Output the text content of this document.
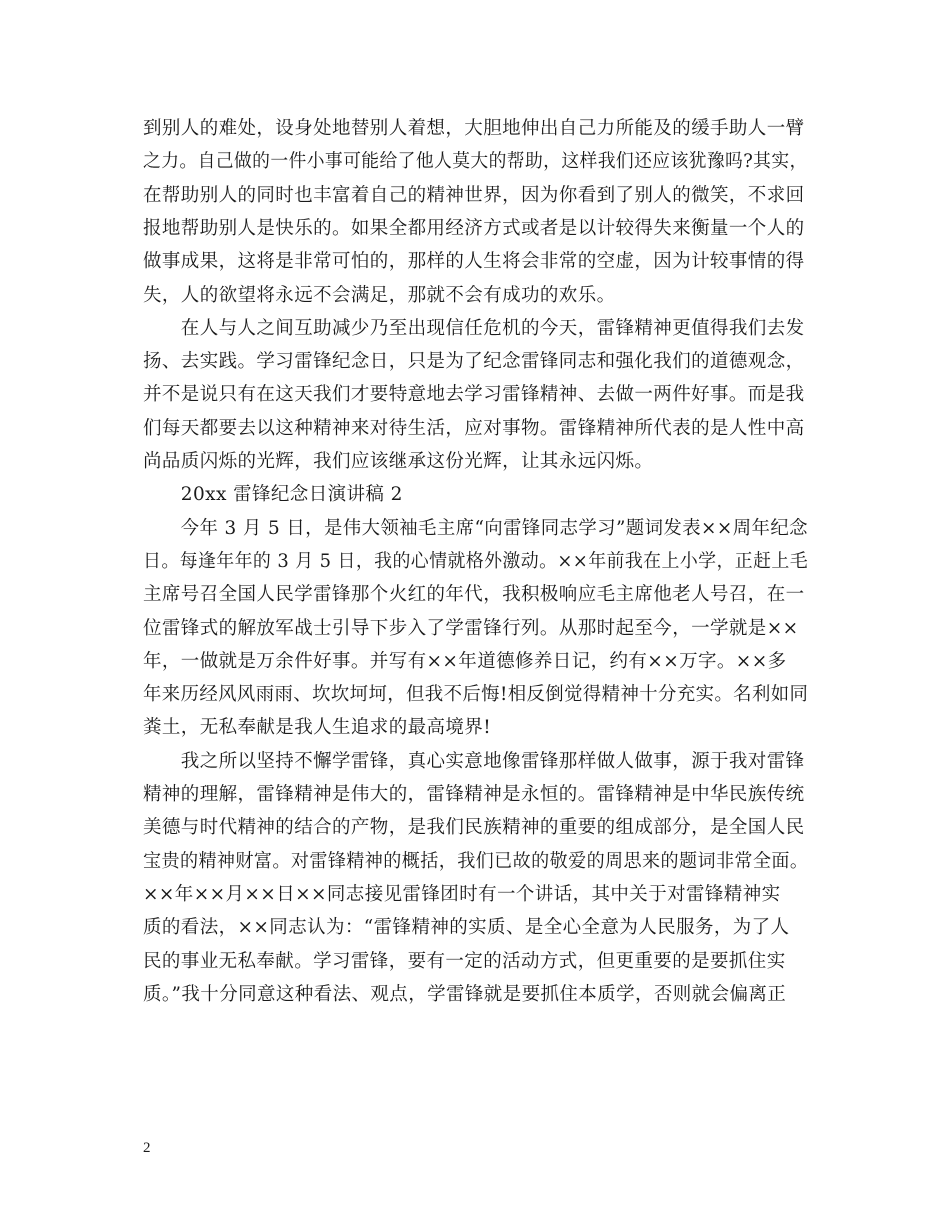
到别人的难处，设身处地替别人着想，大胆地伸出自己力所能及的缓手助人一臂
之力。自己做的一件小事可能给了他人莫大的帮助，这样我们还应该犹豫吗?其实，
在帮助别人的同时也丰富着自己的精神世界，因为你看到了别人的微笑，不求回
报地帮助别人是快乐的。如果全都用经济方式或者是以计较得失来衡量一个人的
做事成果，这将是非常可怕的，那样的人生将会非常的空虚，因为计较事情的得
失，人的欲望将永远不会满足，那就不会有成功的欢乐。
　　在人与人之间互助减少乃至出现信任危机的今天，雷锋精神更值得我们去发
扬、去实践。学习雷锋纪念日，只是为了纪念雷锋同志和强化我们的道德观念，
并不是说只有在这天我们才要特意地去学习雷锋精神、去做一两件好事。而是我
们每天都要去以这种精神来对待生活，应对事物。雷锋精神所代表的是人性中高
尚品质闪烁的光辉，我们应该继承这份光辉，让其永远闪烁。
　　20xx 雷锋纪念日演讲稿 2
　　今年 3 月 5 日，是伟大领袖毛主席“向雷锋同志学习”题词发表××周年纪念
日。每逢年年的 3 月 5 日，我的心情就格外激动。××年前我在上小学，正赶上毛
主席号召全国人民学雷锋那个火红的年代，我积极响应毛主席他老人号召，在一
位雷锋式的解放军战士引导下步入了学雷锋行列。从那时起至今，一学就是××
年，一做就是万余件好事。并写有××年道德修养日记，约有××万字。××多
年来历经风风雨雨、坎坎坷坷，但我不后悔!相反倒觉得精神十分充实。名利如同
粪土，无私奉献是我人生追求的最高境界!
　　我之所以坚持不懈学雷锋，真心实意地像雷锋那样做人做事，源于我对雷锋
精神的理解，雷锋精神是伟大的，雷锋精神是永恒的。雷锋精神是中华民族传统
美德与时代精神的结合的产物，是我们民族精神的重要的组成部分，是全国人民
宝贵的精神财富。对雷锋精神的概括，我们已故的敬爱的周思来的题词非常全面。
××年××月××日××同志接见雷锋团时有一个讲话，其中关于对雷锋精神实
质的看法，××同志认为：“雷锋精神的实质、是全心全意为人民服务，为了人
民的事业无私奉献。学习雷锋，要有一定的活动方式，但更重要的是要抓住实
质。”我十分同意这种看法、观点，学雷锋就是要抓住本质学，否则就会偏离正
2
